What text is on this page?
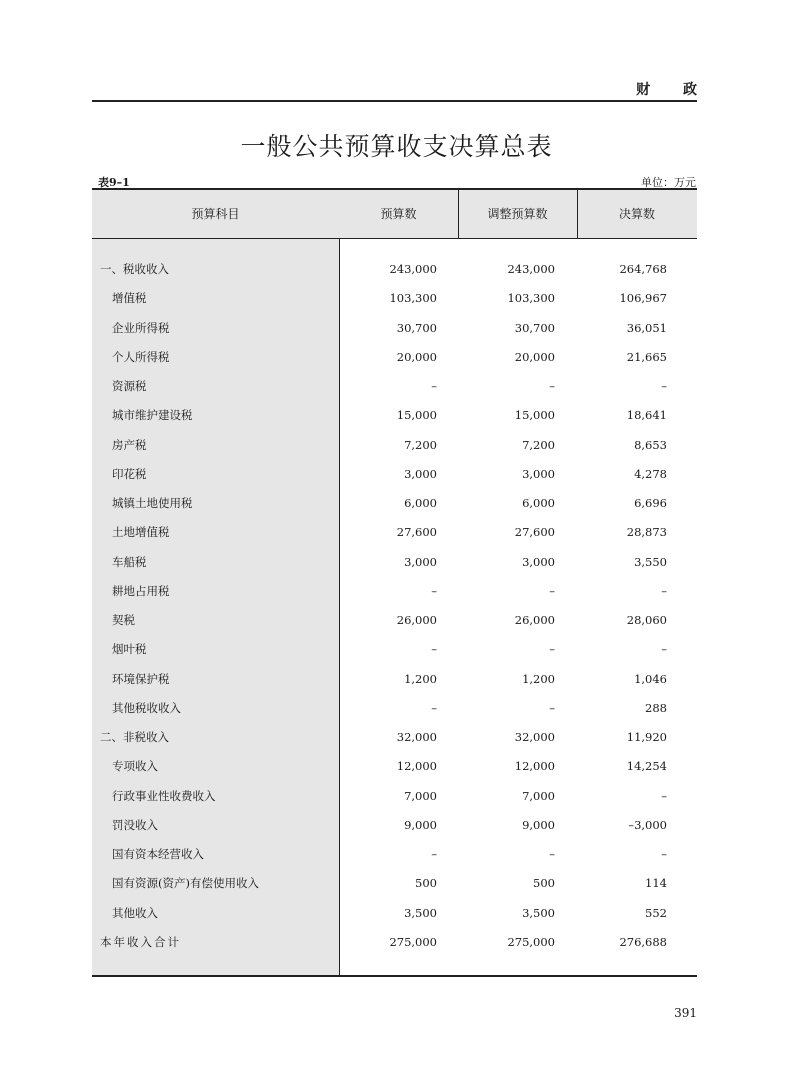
财 政
一般公共预算收支决算总表
表9–1	单位：万元
预算科目	预算数	调整预算数	决算数
一、税收收入	243,000	243,000	264,768
增值税	103,300	103,300	106,967
企业所得税	30,700	30,700	36,051
个人所得税	20,000	20,000	21,665
资源税	–	–	–
城市维护建设税	15,000	15,000	18,641
房产税	7,200	7,200	8,653
印花税	3,000	3,000	4,278
城镇土地使用税	6,000	6,000	6,696
土地增值税	27,600	27,600	28,873
车船税	3,000	3,000	3,550
耕地占用税	–	–	–
契税	26,000	26,000	28,060
烟叶税	–	–	–
环境保护税	1,200	1,200	1,046
其他税收收入	–	–	288
二、非税收入	32,000	32,000	11,920
专项收入	12,000	12,000	14,254
行政事业性收费收入	7,000	7,000	–
罚没收入	9,000	9,000	–3,000
国有资本经营收入	–	–	–
国有资源(资产)有偿使用收入	500	500	114
其他收入	3,500	3,500	552
本年收入合计	275,000	275,000	276,688
391
